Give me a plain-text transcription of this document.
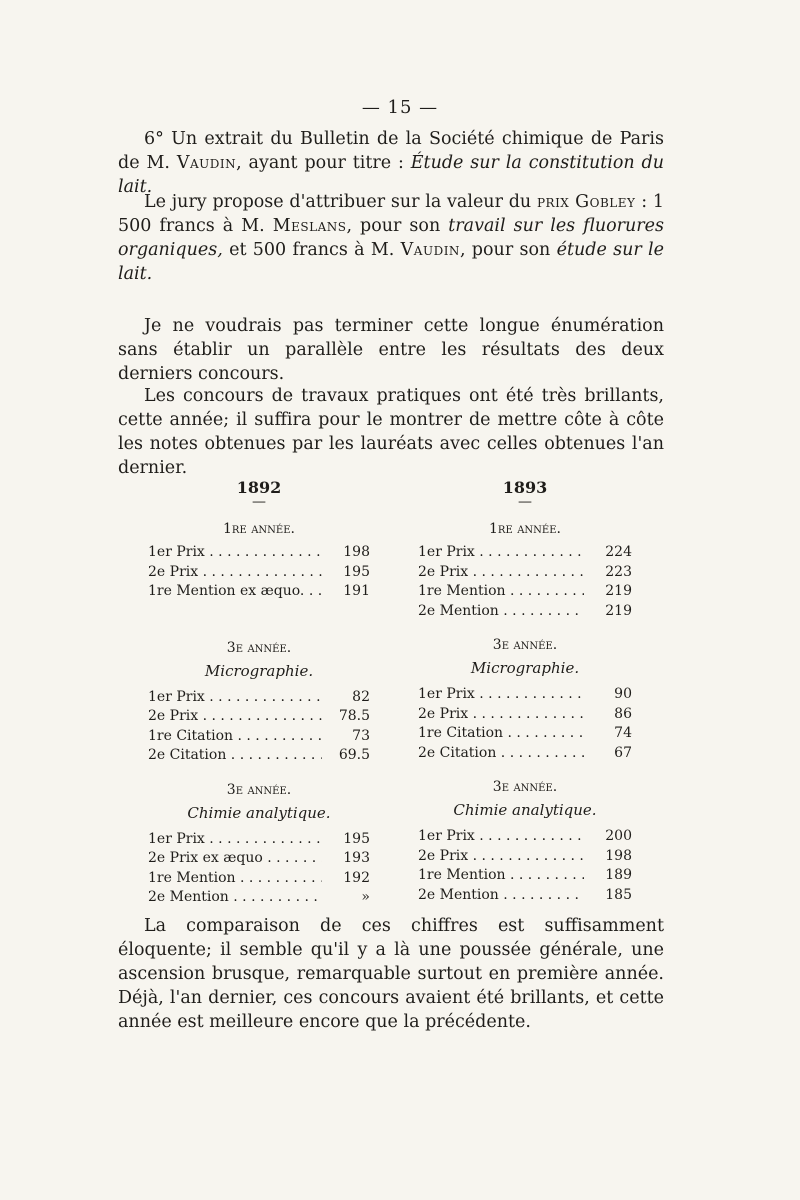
— 15 —
6° Un extrait du Bulletin de la Société chimique de Paris de M. Vaudin, ayant pour titre : Étude sur la constitution du lait.
Le jury propose d'attribuer sur la valeur du prix Gobley : 1 500 francs à M. Meslans, pour son travail sur les fluorures organiques, et 500 francs à M. Vaudin, pour son étude sur le lait.
Je ne voudrais pas terminer cette longue énumération sans établir un parallèle entre les résultats des deux derniers concours.
Les concours de travaux pratiques ont été très brillants, cette année; il suffira pour le montrer de mettre côte à côte les notes obtenues par les lauréats avec celles obtenues l'an dernier.
1892
—
1re année.
1er Prix . . .	198
2e Prix . . .	195
1re Mention ex æquo. . . .	191
3e année.
Micrographie.
1er Prix . . .	82
2e Prix . . .	78.5
1re Citation . . .	73
2e Citation . . .	69.5
3e année.
Chimie analytique.
1er Prix . . .	195
2e Prix ex æquo . . .	193
1re Mention . . .	192
2e Mention . . .	»
1893
—
1re année.
1er Prix . . .	224
2e Prix . . .	223
1re Mention . . .	219
2e Mention . . .	219
3e année.
Micrographie.
1er Prix . . .	90
2e Prix . . .	86
1re Citation . . .	74
2e Citation . . .	67
3e année.
Chimie analytique.
1er Prix . . .	200
2e Prix . . .	198
1re Mention . . .	189
2e Mention . . .	185
La comparaison de ces chiffres est suffisamment éloquente; il semble qu'il y a là une poussée générale, une ascension brusque, remarquable surtout en première année. Déjà, l'an dernier, ces concours avaient été brillants, et cette année est meilleure encore que la précédente.
